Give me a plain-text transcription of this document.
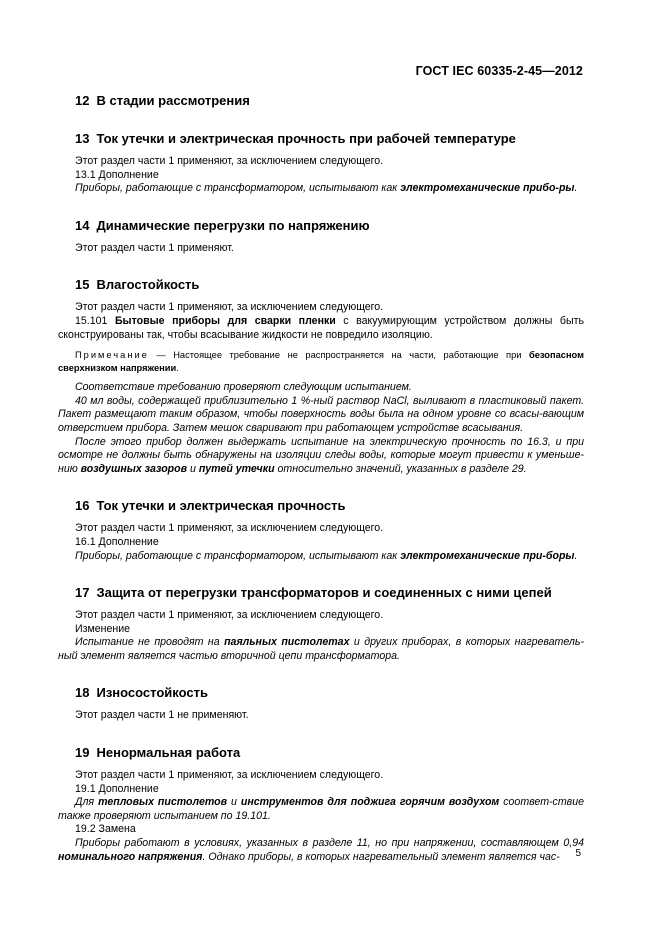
ГОСТ IEC 60335-2-45—2012
12 В стадии рассмотрения
13 Ток утечки и электрическая прочность при рабочей температуре

Этот раздел части 1 применяют, за исключением следующего.

13.1 Дополнение

Приборы, работающие с трансформатором, испытывают как электромеханические прибо-ры.

14 Динамические перегрузки по напряжению

Этот раздел части 1 применяют.

15 Влагостойкость

Этот раздел части 1 применяют, за исключением следующего.

15.101 Бытовые приборы для сварки пленки с вакуумирующим устройством должны быть сконструированы так, чтобы всасывание жидкости не повредило изоляцию.

Примечание — Настоящее требование не распространяется на части, работающие при безопасном сверхнизком напряжении.

Соответствие требованию проверяют следующим испытанием.

40 мл воды, содержащей приблизительно 1 %-ный раствор NaCl, выливают в пластиковый пакет. Пакет размещают таким образом, чтобы поверхность воды была на одном уровне со всасы-вающим отверстием прибора. Затем мешок сваривают при работающем устройстве всасывания.

После этого прибор должен выдержать испытание на электрическую прочность по 16.3, и при осмотре не должны быть обнаружены на изоляции следы воды, которые могут привести к уменьше-нию воздушных зазоров и путей утечки относительно значений, указанных в разделе 29.

16 Ток утечки и электрическая прочность

Этот раздел части 1 применяют, за исключением следующего.

16.1 Дополнение

Приборы, работающие с трансформатором, испытывают как электромеханические при-боры.

17 Защита от перегрузки трансформаторов и соединенных с ними цепей

Этот раздел части 1 применяют, за исключением следующего.

Изменение

Испытание не проводят на паяльных пистолетах и других приборах, в которых нагреватель-ный элемент является частью вторичной цепи трансформатора.

18 Износостойкость

Этот раздел части 1 не применяют.

19 Ненормальная работа

Этот раздел части 1 применяют, за исключением следующего.

19.1 Дополнение

Для тепловых пистолетов и инструментов для поджига горячим воздухом соответ-ствие также проверяют испытанием по 19.101.

19.2 Замена

Приборы работают в условиях, указанных в разделе 11, но при напряжении, составляющем 0,94 номинального напряжения. Однако приборы, в которых нагревательный элемент является час-	5
